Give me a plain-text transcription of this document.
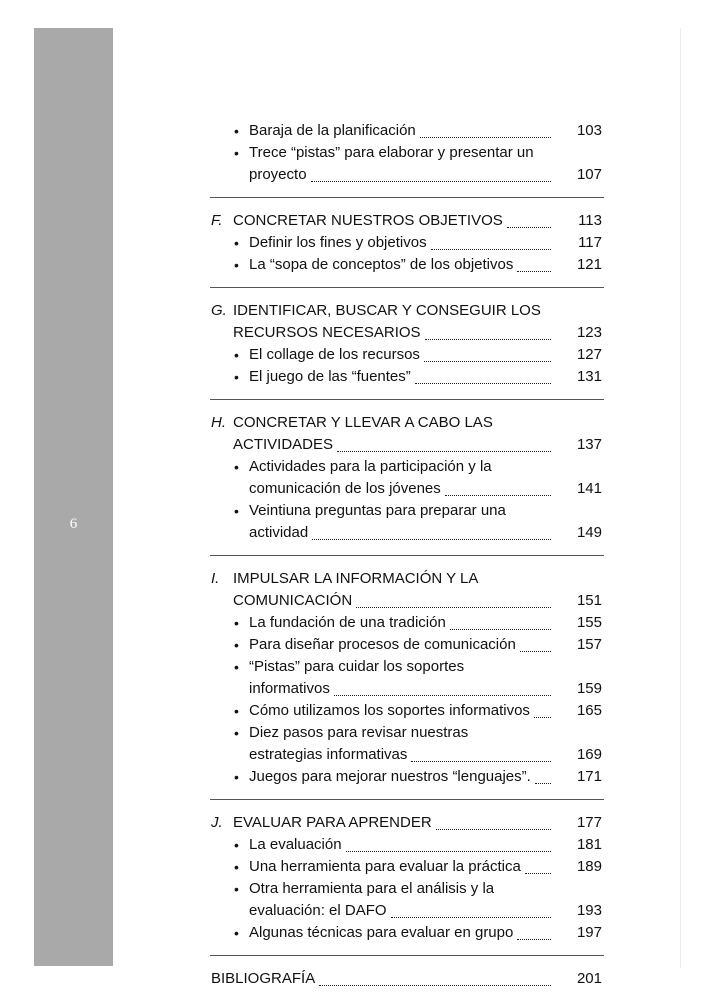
6
• Baraja de la planificación	103
• Trece “pistas” para elaborar y presentar un
proyecto	107
F. CONCRETAR NUESTROS OBJETIVOS	113
• Definir los fines y objetivos	117
• La “sopa de conceptos” de los objetivos	121
G. IDENTIFICAR, BUSCAR Y CONSEGUIR LOS
RECURSOS NECESARIOS	123
• El collage de los recursos	127
• El juego de las “fuentes”	131
H. CONCRETAR Y LLEVAR A CABO LAS
ACTIVIDADES	137
• Actividades para la participación y la
comunicación de los jóvenes	141
• Veintiuna preguntas para preparar una
actividad	149
I. IMPULSAR LA INFORMACIÓN Y LA
COMUNICACIÓN	151
• La fundación de una tradición	155
• Para diseñar procesos de comunicación	157
• “Pistas” para cuidar los soportes
informativos	159
• Cómo utilizamos los soportes informativos	165
• Diez pasos para revisar nuestras
estrategias informativas	169
• Juegos para mejorar nuestros “lenguajes”.	171
J. EVALUAR PARA APRENDER	177
• La evaluación	181
• Una herramienta para evaluar la práctica	189
• Otra herramienta para el análisis y la
evaluación: el DAFO	193
• Algunas técnicas para evaluar en grupo	197
BIBLIOGRAFÍA	201
